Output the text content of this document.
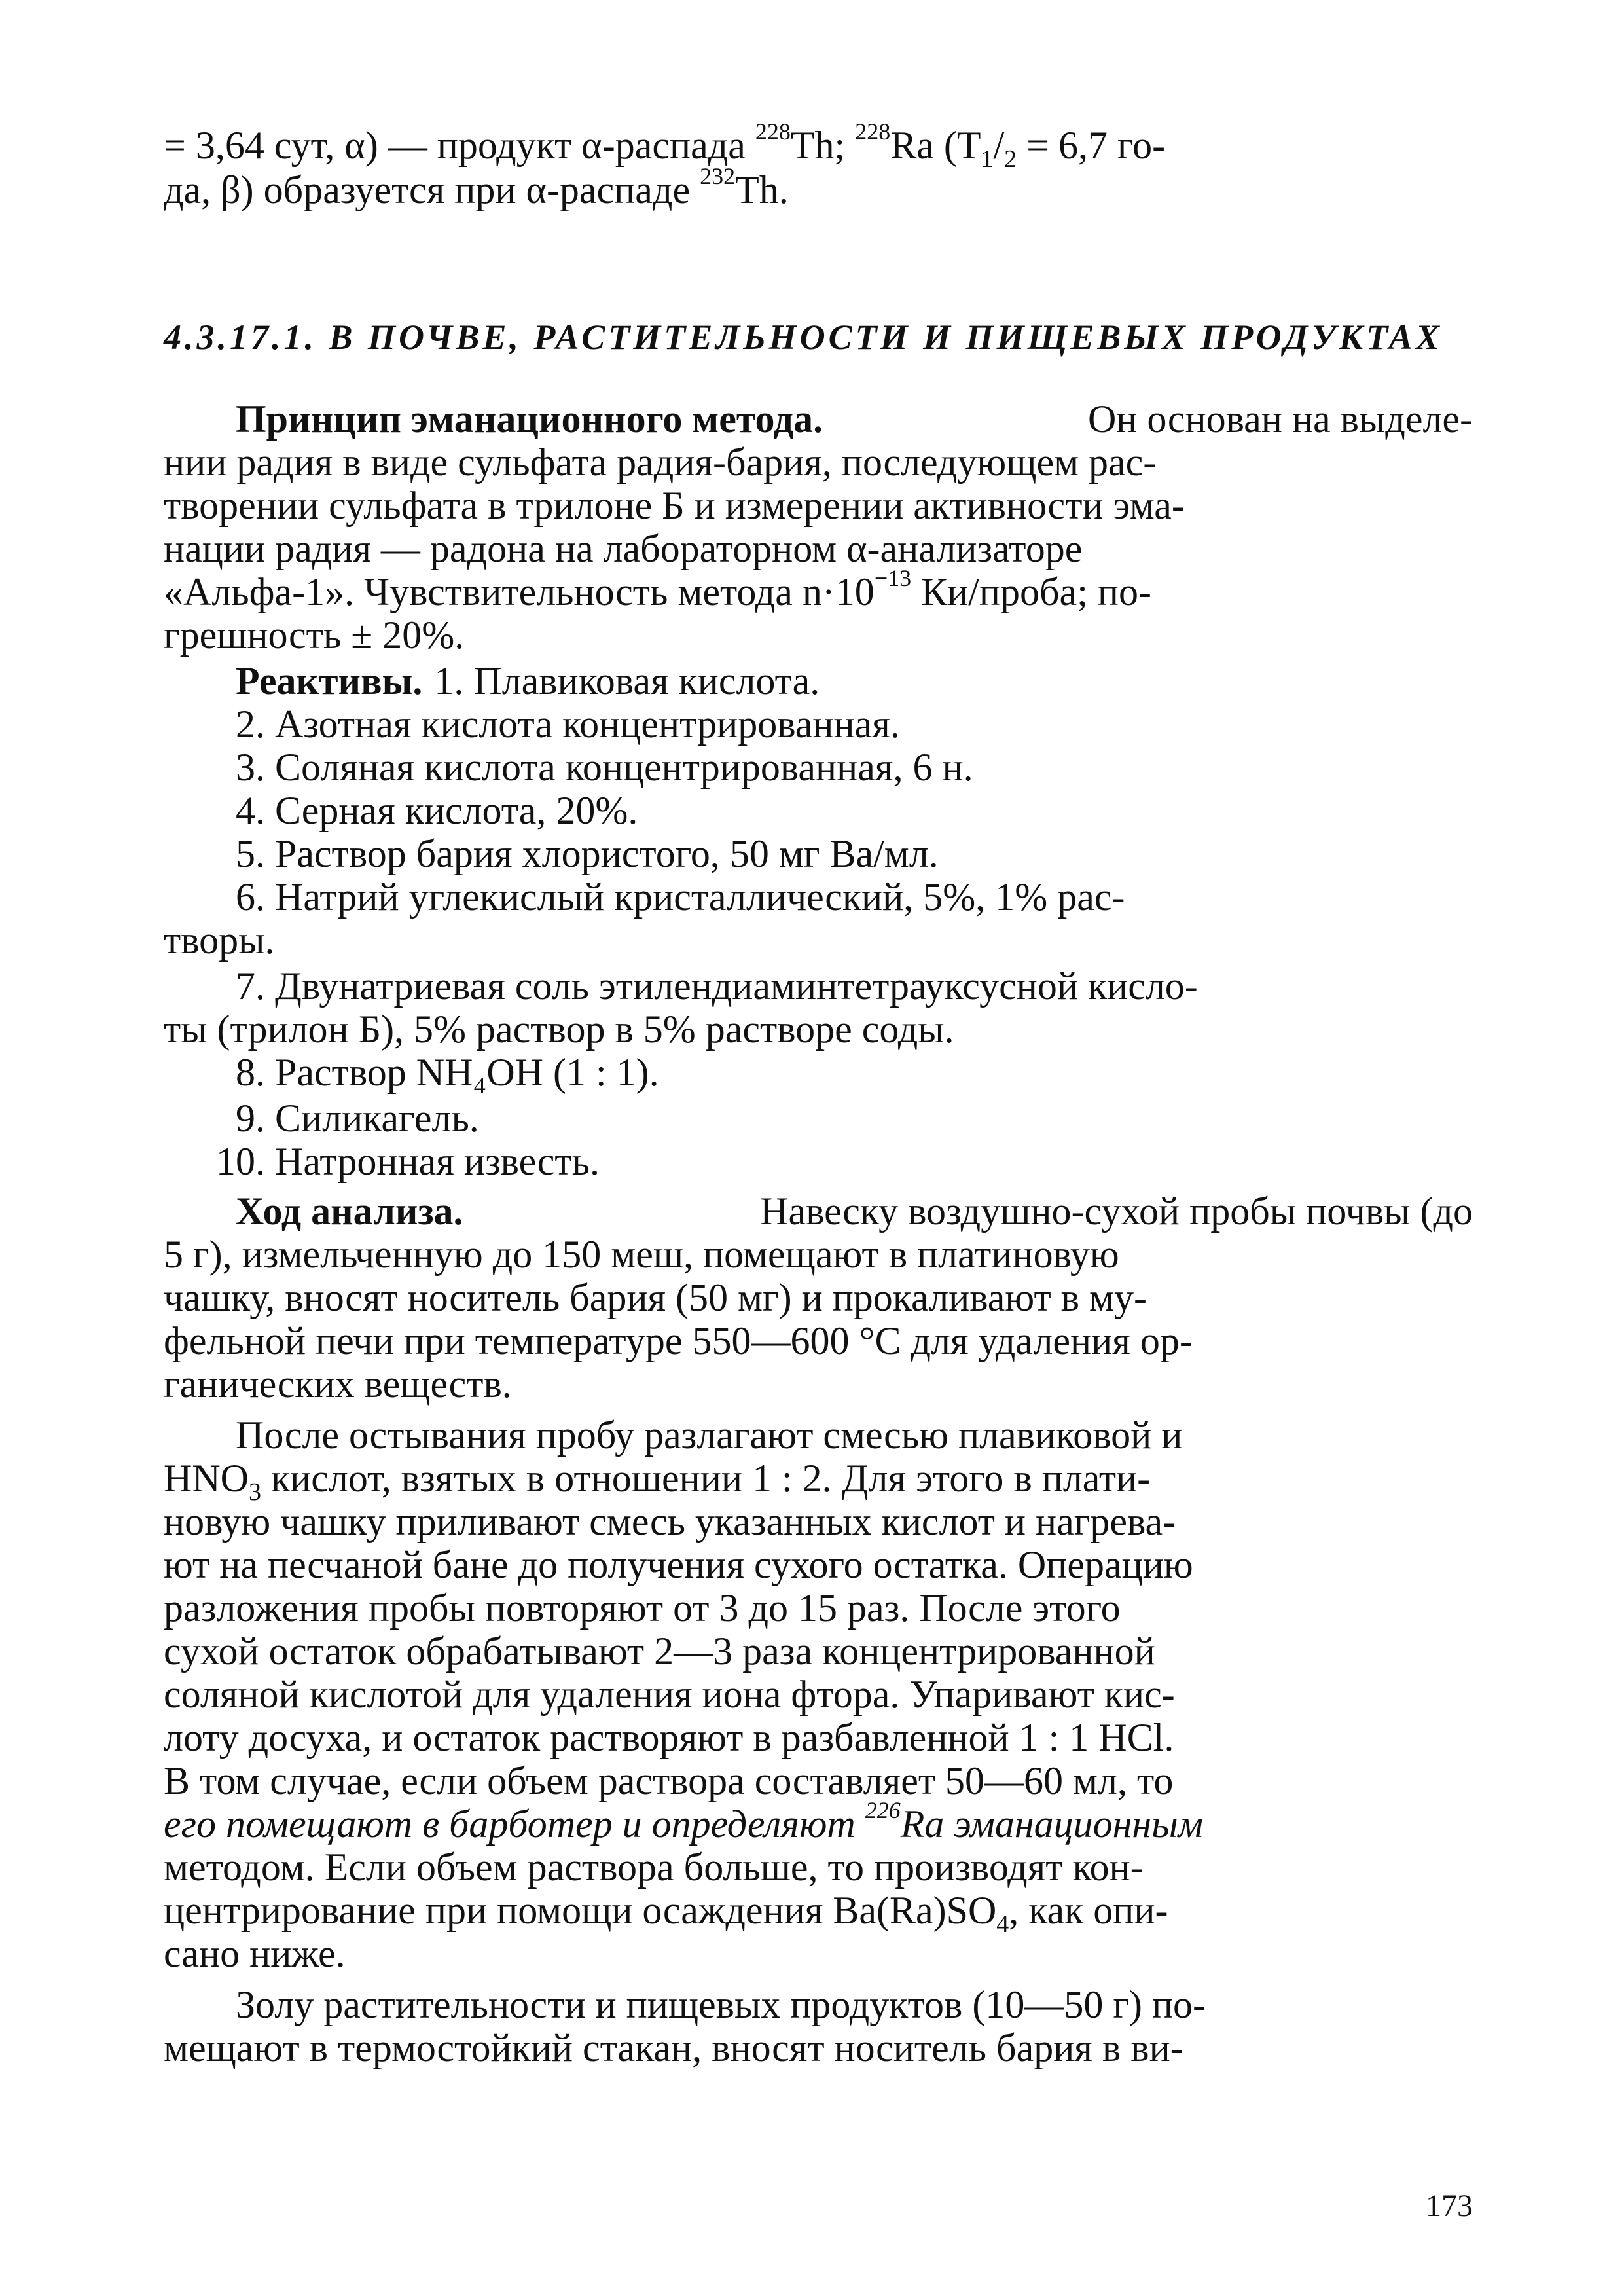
= 3,64 сут, α) — продукт α-распада $^{228}$Th; $^{228}$Ra ($T_1/_2 = 6,7$ го-
да, β) образуется при α-распаде $^{232}$Th.
4.3.17.1. В ПОЧВЕ, РАСТИТЕЛЬНОСТИ И ПИЩЕВЫХ ПРОДУКТАХ
Принцип эманационного метода.	Он основан на выделе-
нии радия в виде сульфата радия-бария, последующем рас-
творении сульфата в трилоне Б и измерении активности эма-
нации радия — радона на лабораторном α-анализаторе
«Альфа-1». Чувствительность метода $n\cdot 10^{-13}$ Ки/проба; по-
грешность ± 20%.
Реактивы. 1. Плавиковая кислота.
2. Азотная кислота концентрированная.
3. Соляная кислота концентрированная, 6 н.
4. Серная кислота, 20%.
5. Раствор бария хлористого, 50 мг Ba/мл.
6. Натрий углекислый кристаллический, 5%, 1% рас-
творы.
7. Двунатриевая соль этилендиаминтетрауксусной кисло-
ты (трилон Б), 5% раствор в 5% растворе соды.
8. Раствор NH₄OH (1 : 1).
9. Силикагель.
10. Натронная известь.
Ход анализа.	Навеску воздушно-сухой пробы почвы (до
5 г), измельченную до 150 меш, помещают в платиновую
чашку, вносят носитель бария (50 мг) и прокаливают в му-
фельной печи при температуре 550—600 °С для удаления ор-
ганических веществ.
После остывания пробу разлагают смесью плавиковой и
$HNO_3$ кислот, взятых в отношении 1 : 2. Для этого в плати-
новую чашку приливают смесь указанных кислот и нагрева-
ют на песчаной бане до получения сухого остатка. Операцию
разложения пробы повторяют от 3 до 15 раз. После этого
сухой остаток обрабатывают 2—3 раза концентрированной
соляной кислотой для удаления иона фтора. Упаривают кис-
лоту досуха, и остаток растворяют в разбавленной 1 : 1 HCl.
В том случае, если объем раствора составляет 50—60 мл, то
его помещают в барботер и определяют $^{226}$Ra эманационным
методом. Если объем раствора больше, то производят кон-
центрирование при помощи осаждения $Ba(Ra)SO_4$, как опи-
сано ниже.
Золу растительности и пищевых продуктов (10—50 г) по-
мещают в термостойкий стакан, вносят носитель бария в ви-
173
